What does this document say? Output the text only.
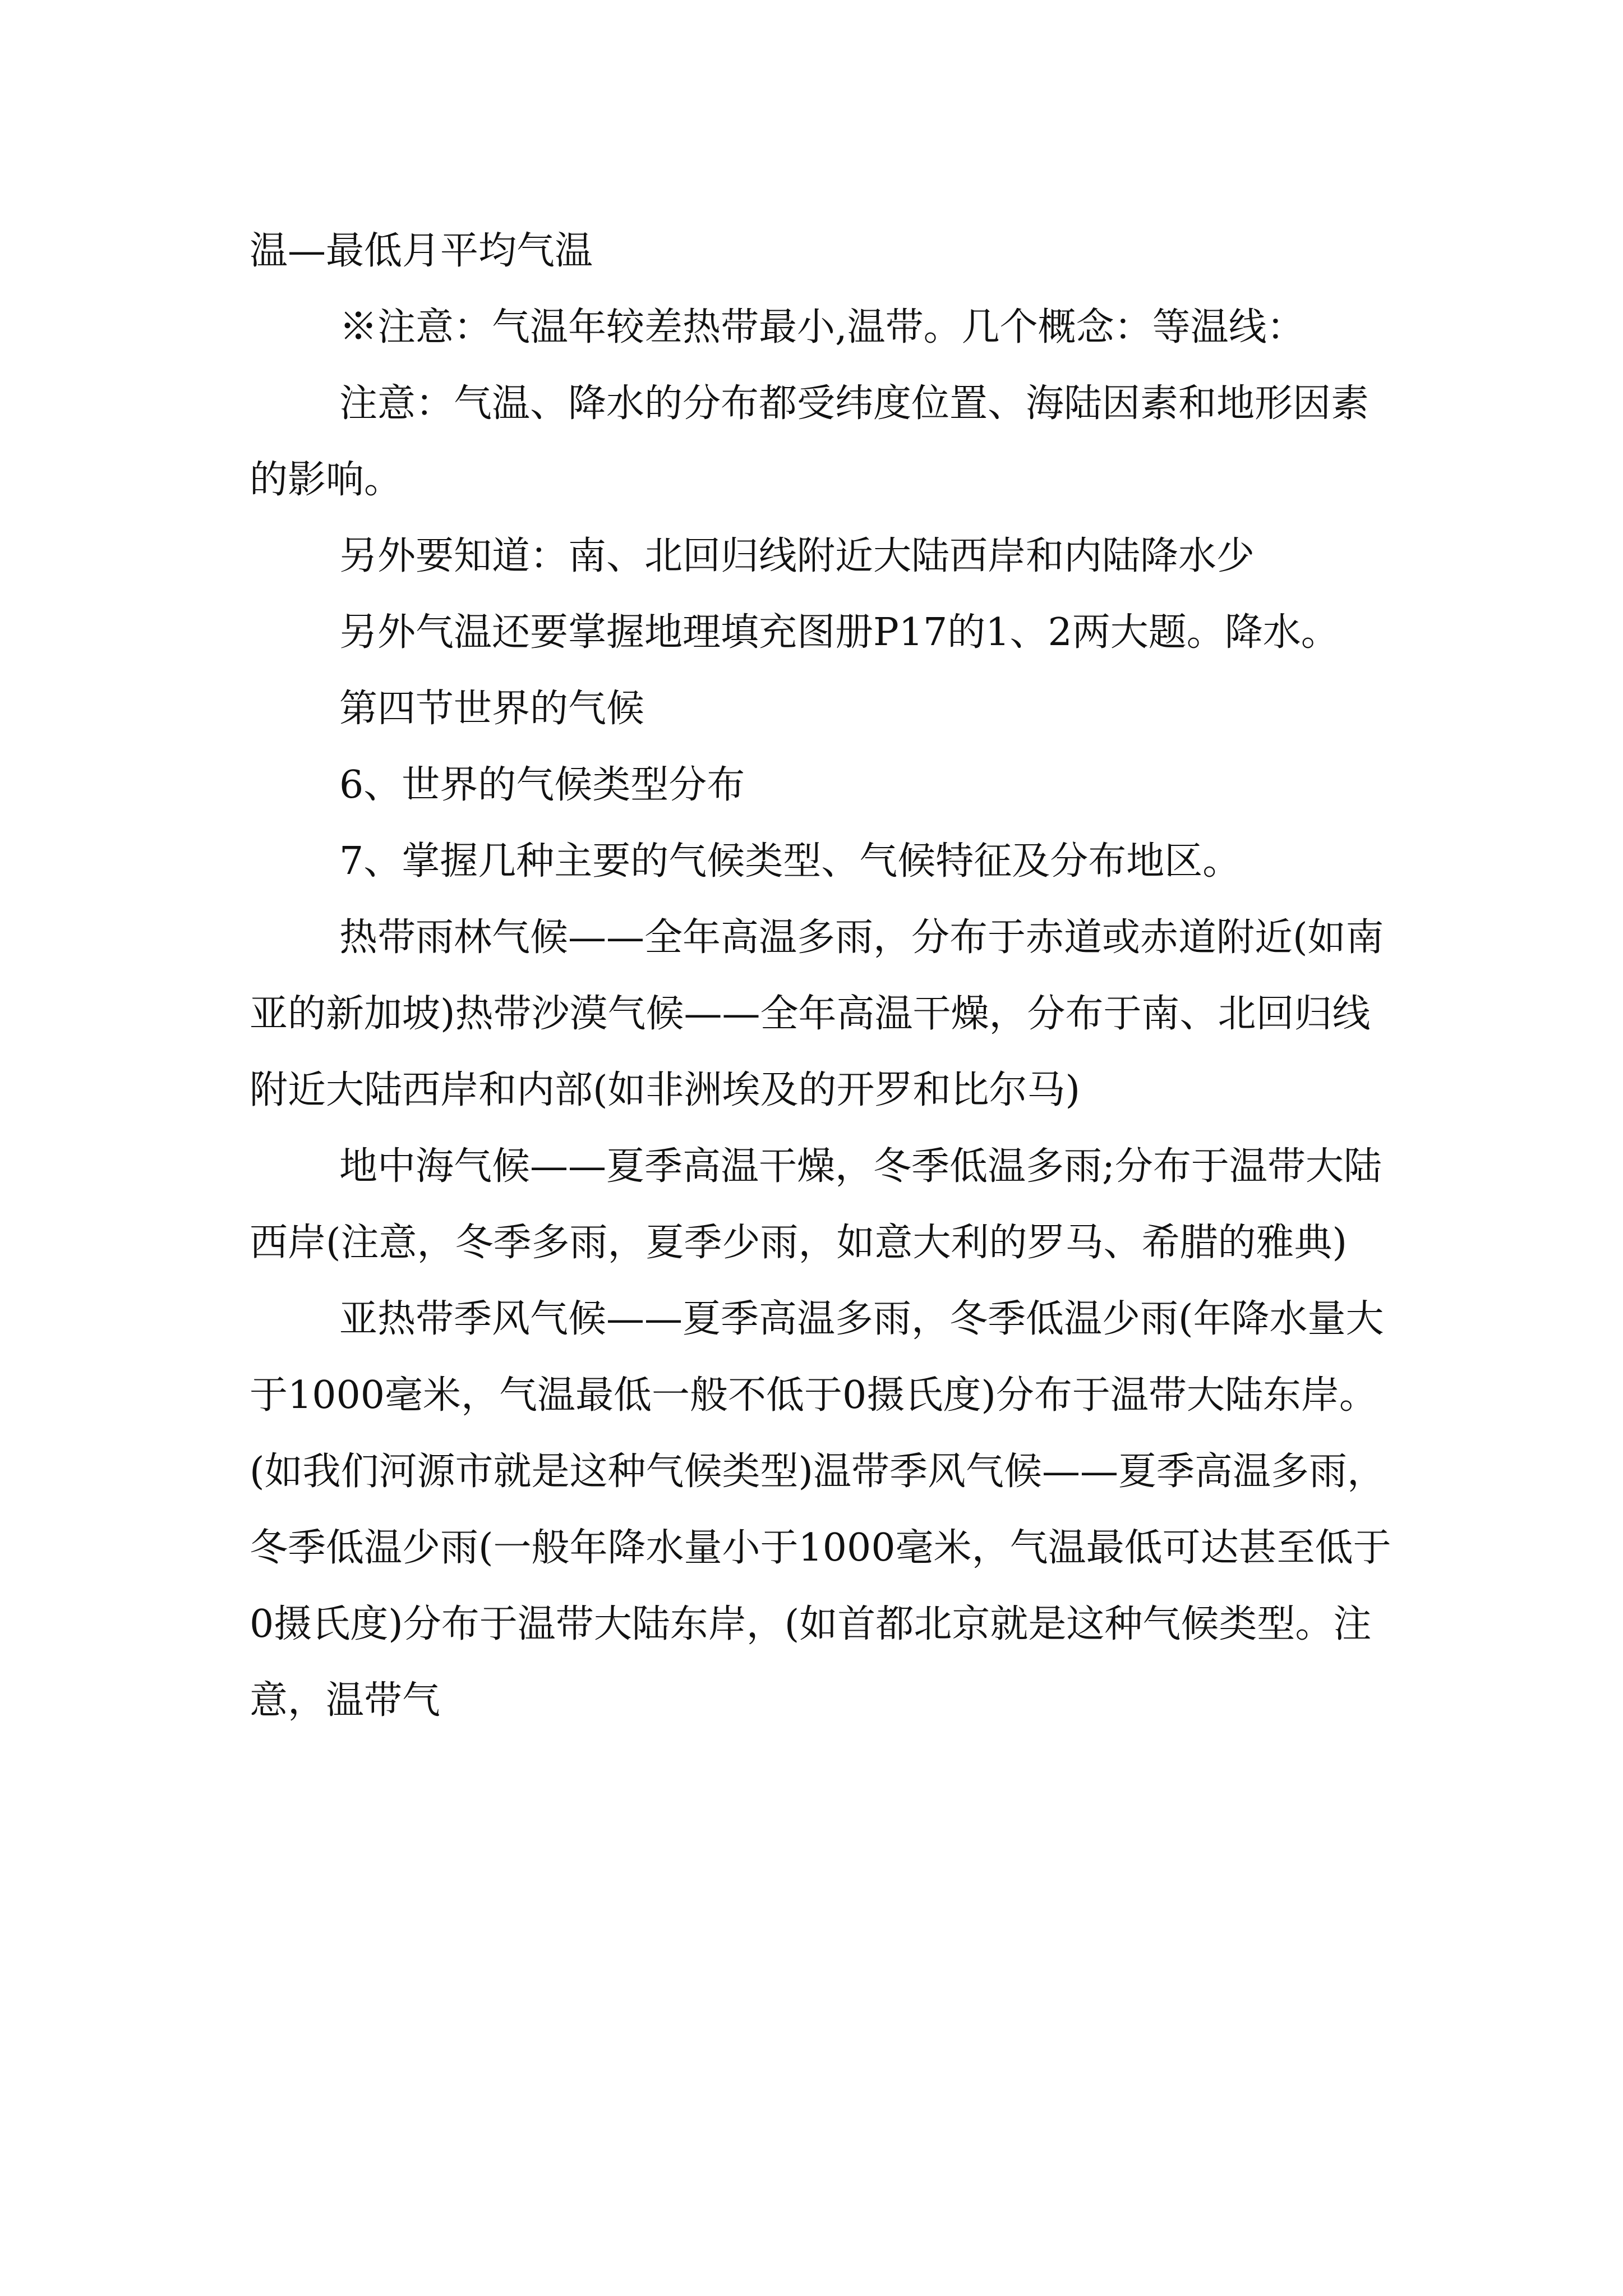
温—最低月平均气温

※注意：气温年较差热带最小,温带。几个概念：等温线：

注意：气温、降水的分布都受纬度位置、海陆因素和地形因素的影响。

另外要知道：南、北回归线附近大陆西岸和内陆降水少

另外气温还要掌握地理填充图册P17的1、2两大题。降水。

第四节世界的气候

6、世界的气候类型分布

7、掌握几种主要的气候类型、气候特征及分布地区。

热带雨林气候——全年高温多雨，分布于赤道或赤道附近(如南亚的新加坡)热带沙漠气候——全年高温干燥，分布于南、北回归线附近大陆西岸和内部(如非洲埃及的开罗和比尔马)

地中海气候——夏季高温干燥，冬季低温多雨;分布于温带大陆西岸(注意，冬季多雨，夏季少雨，如意大利的罗马、希腊的雅典)

亚热带季风气候——夏季高温多雨，冬季低温少雨(年降水量大于1000毫米，气温最低一般不低于0摄氏度)分布于温带大陆东岸。(如我们河源市就是这种气候类型)温带季风气候——夏季高温多雨，冬季低温少雨(一般年降水量小于1000毫米，气温最低可达甚至低于0摄氏度)分布于温带大陆东岸，(如首都北京就是这种气候类型。注意，温带气
